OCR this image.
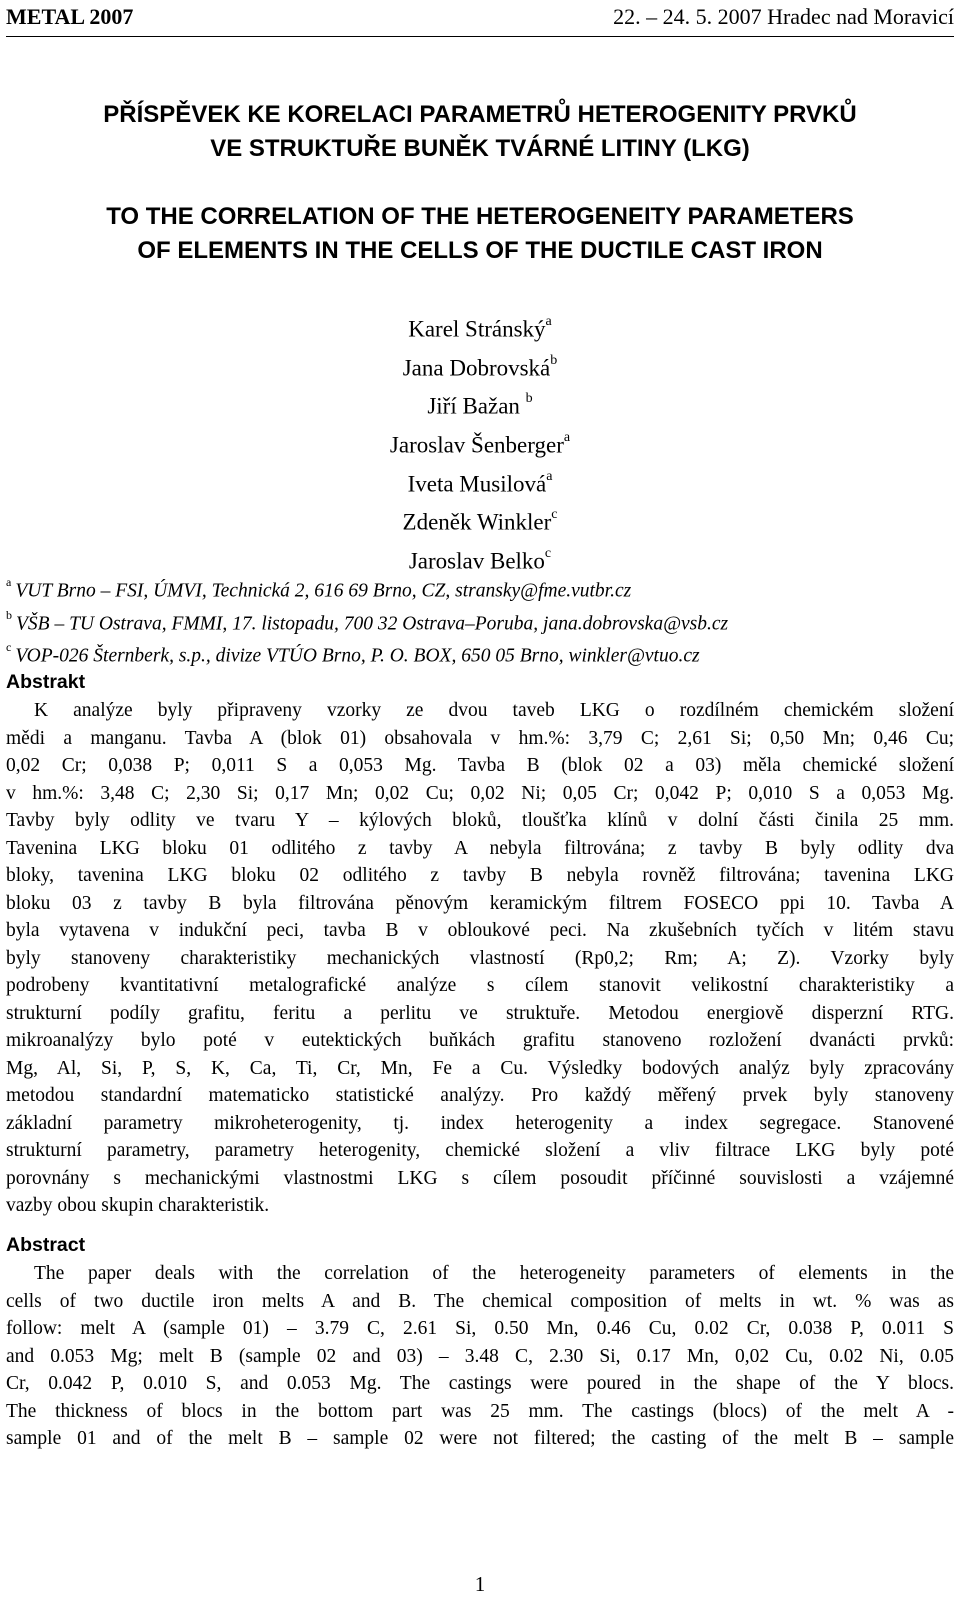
METAL 2007	22. – 24. 5. 2007 Hradec nad Moravicí
PŘÍSPĚVEK KE KORELACI PARAMETRŮ HETEROGENITY PRVKŮ
VE STRUKTUŘE BUNĚK TVÁRNÉ LITINY (LKG)
TO THE CORRELATION OF THE HETEROGENEITY PARAMETERS
OF ELEMENTS IN THE CELLS OF THE DUCTILE CAST IRON
Karel Stránský$^a$
Jana Dobrovská$^b$
Jiří Bažan $^b$
Jaroslav Šenberger$^a$
Iveta Musilová$^a$
Zdeněk Winkler$^c$
Jaroslav Belko$^c$
$^a$ VUT Brno – FSI, ÚMVI, Technická 2, 616 69 Brno, CZ, stransky@fme.vutbr.cz
$^b$ VŠB – TU Ostrava, FMMI, 17. listopadu, 700 32 Ostrava–Poruba, jana.dobrovska@vsb.cz
$^c$ VOP-026 Šternberk, s.p., divize VTÚO Brno, P. O. BOX, 650 05 Brno, winkler@vtuo.cz
Abstrakt
K analýze byly připraveny vzorky ze dvou taveb LKG o rozdílném chemickém složení
mědi a manganu. Tavba A (blok 01) obsahovala v hm.%: 3,79 C; 2,61 Si; 0,50 Mn; 0,46 Cu;
0,02 Cr; 0,038 P; 0,011 S a 0,053 Mg. Tavba B (blok 02 a 03) měla chemické složení
v hm.%: 3,48 C; 2,30 Si; 0,17 Mn; 0,02 Cu; 0,02 Ni; 0,05 Cr; 0,042 P; 0,010 S a 0,053 Mg.
Tavby byly odlity ve tvaru Y – kýlových bloků, tloušťka klínů v dolní části činila 25 mm.
Tavenina LKG bloku 01 odlitého z tavby A nebyla filtrována; z tavby B byly odlity dva
bloky, tavenina LKG bloku 02 odlitého z tavby B nebyla rovněž filtrována; tavenina LKG
bloku 03 z tavby B byla filtrována pěnovým keramickým filtrem FOSECO ppi 10. Tavba A
byla vytavena v indukční peci, tavba B v obloukové peci. Na zkušebních tyčích v litém stavu
byly stanoveny charakteristiky mechanických vlastností (Rp0,2; Rm; A; Z). Vzorky byly
podrobeny kvantitativní metalografické analýze s cílem stanovit velikostní charakteristiky a
strukturní podíly grafitu, feritu a perlitu ve struktuře. Metodou energiově disperzní RTG.
mikroanalýzy bylo poté v eutektických buňkách grafitu stanoveno rozložení dvanácti prvků:
Mg, Al, Si, P, S, K, Ca, Ti, Cr, Mn, Fe a Cu. Výsledky bodových analýz byly zpracovány
metodou standardní matematicko statistické analýzy. Pro každý měřený prvek byly stanoveny
základní parametry mikroheterogenity, tj. index heterogenity a index segregace. Stanovené
strukturní parametry, parametry heterogenity, chemické složení a vliv filtrace LKG byly poté
porovnány s mechanickými vlastnostmi LKG s cílem posoudit příčinné souvislosti a vzájemné
vazby obou skupin charakteristik.
Abstract
The paper deals with the correlation of the heterogeneity parameters of elements in the
cells of two ductile iron melts A and B. The chemical composition of melts in wt. % was as
follow: melt A (sample 01) – 3.79 C, 2.61 Si, 0.50 Mn, 0.46 Cu, 0.02 Cr, 0.038 P, 0.011 S
and 0.053 Mg; melt B (sample 02 and 03) – 3.48 C, 2.30 Si, 0.17 Mn, 0,02 Cu, 0.02 Ni, 0.05
Cr, 0.042 P, 0.010 S, and 0.053 Mg. The castings were poured in the shape of the Y blocs.
The thickness of blocs in the bottom part was 25 mm. The castings (blocs) of the melt A -
sample 01 and of the melt B – sample 02 were not filtered; the casting of the melt B – sample
1
